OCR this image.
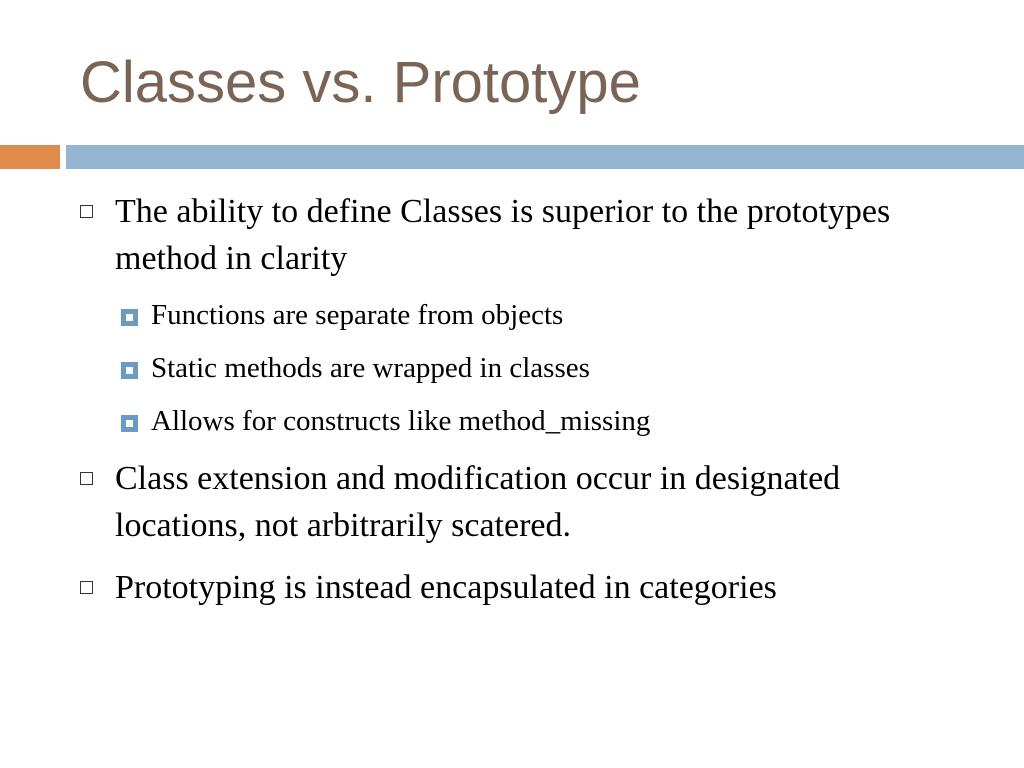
Classes vs. Prototype
The ability to define Classes is superior to the prototypes method in clarity
Functions are separate from objects
Static methods are wrapped in classes
Allows for constructs like method_missing
Class extension and modification occur in designated locations, not arbitrarily scatered.
Prototyping is instead encapsulated in categories
